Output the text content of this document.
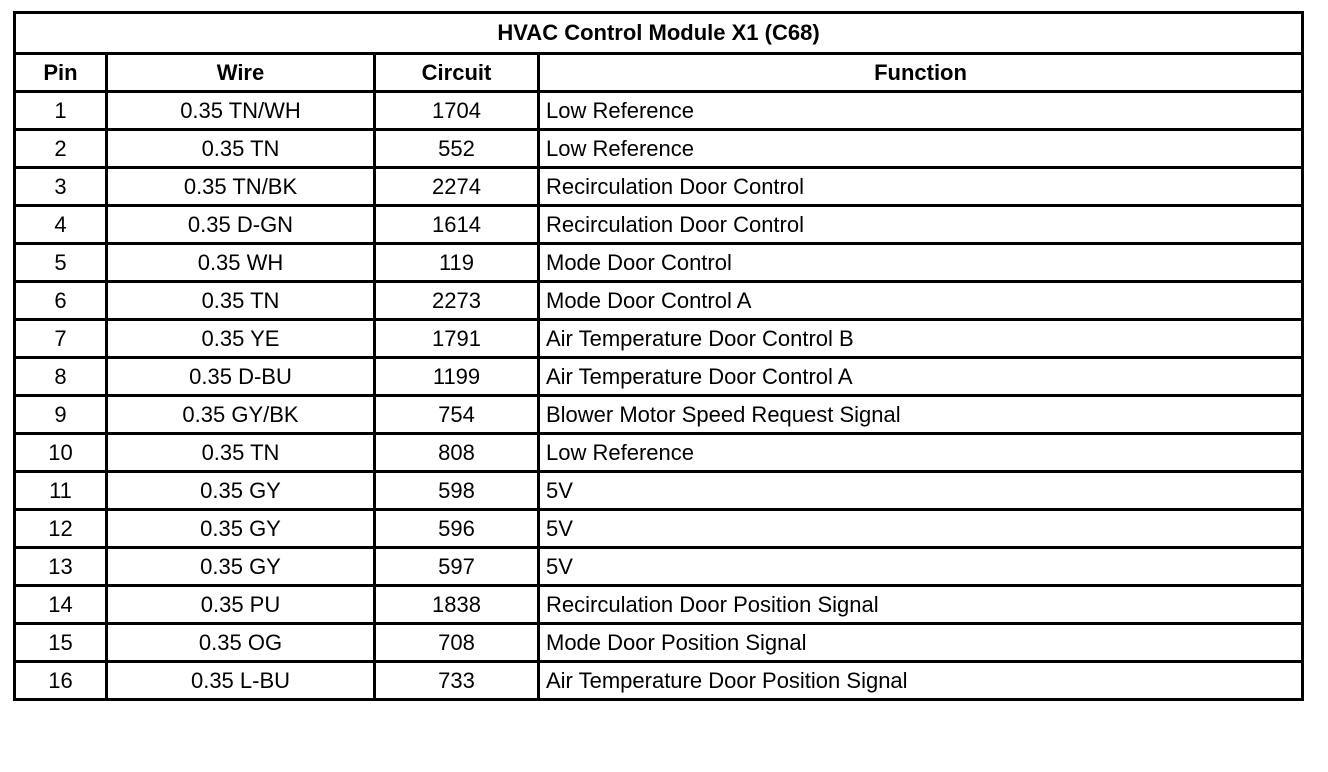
HVAC Control Module X1 (C68)			
Pin	Wire	Circuit	Function
1	0.35 TN/WH	1704	Low Reference
2	0.35 TN	552	Low Reference
3	0.35 TN/BK	2274	Recirculation Door Control
4	0.35 D-GN	1614	Recirculation Door Control
5	0.35 WH	119	Mode Door Control
6	0.35 TN	2273	Mode Door Control A
7	0.35 YE	1791	Air Temperature Door Control B
8	0.35 D-BU	1199	Air Temperature Door Control A
9	0.35 GY/BK	754	Blower Motor Speed Request Signal
10	0.35 TN	808	Low Reference
11	0.35 GY	598	5V
12	0.35 GY	596	5V
13	0.35 GY	597	5V
14	0.35 PU	1838	Recirculation Door Position Signal
15	0.35 OG	708	Mode Door Position Signal
16	0.35 L-BU	733	Air Temperature Door Position Signal
